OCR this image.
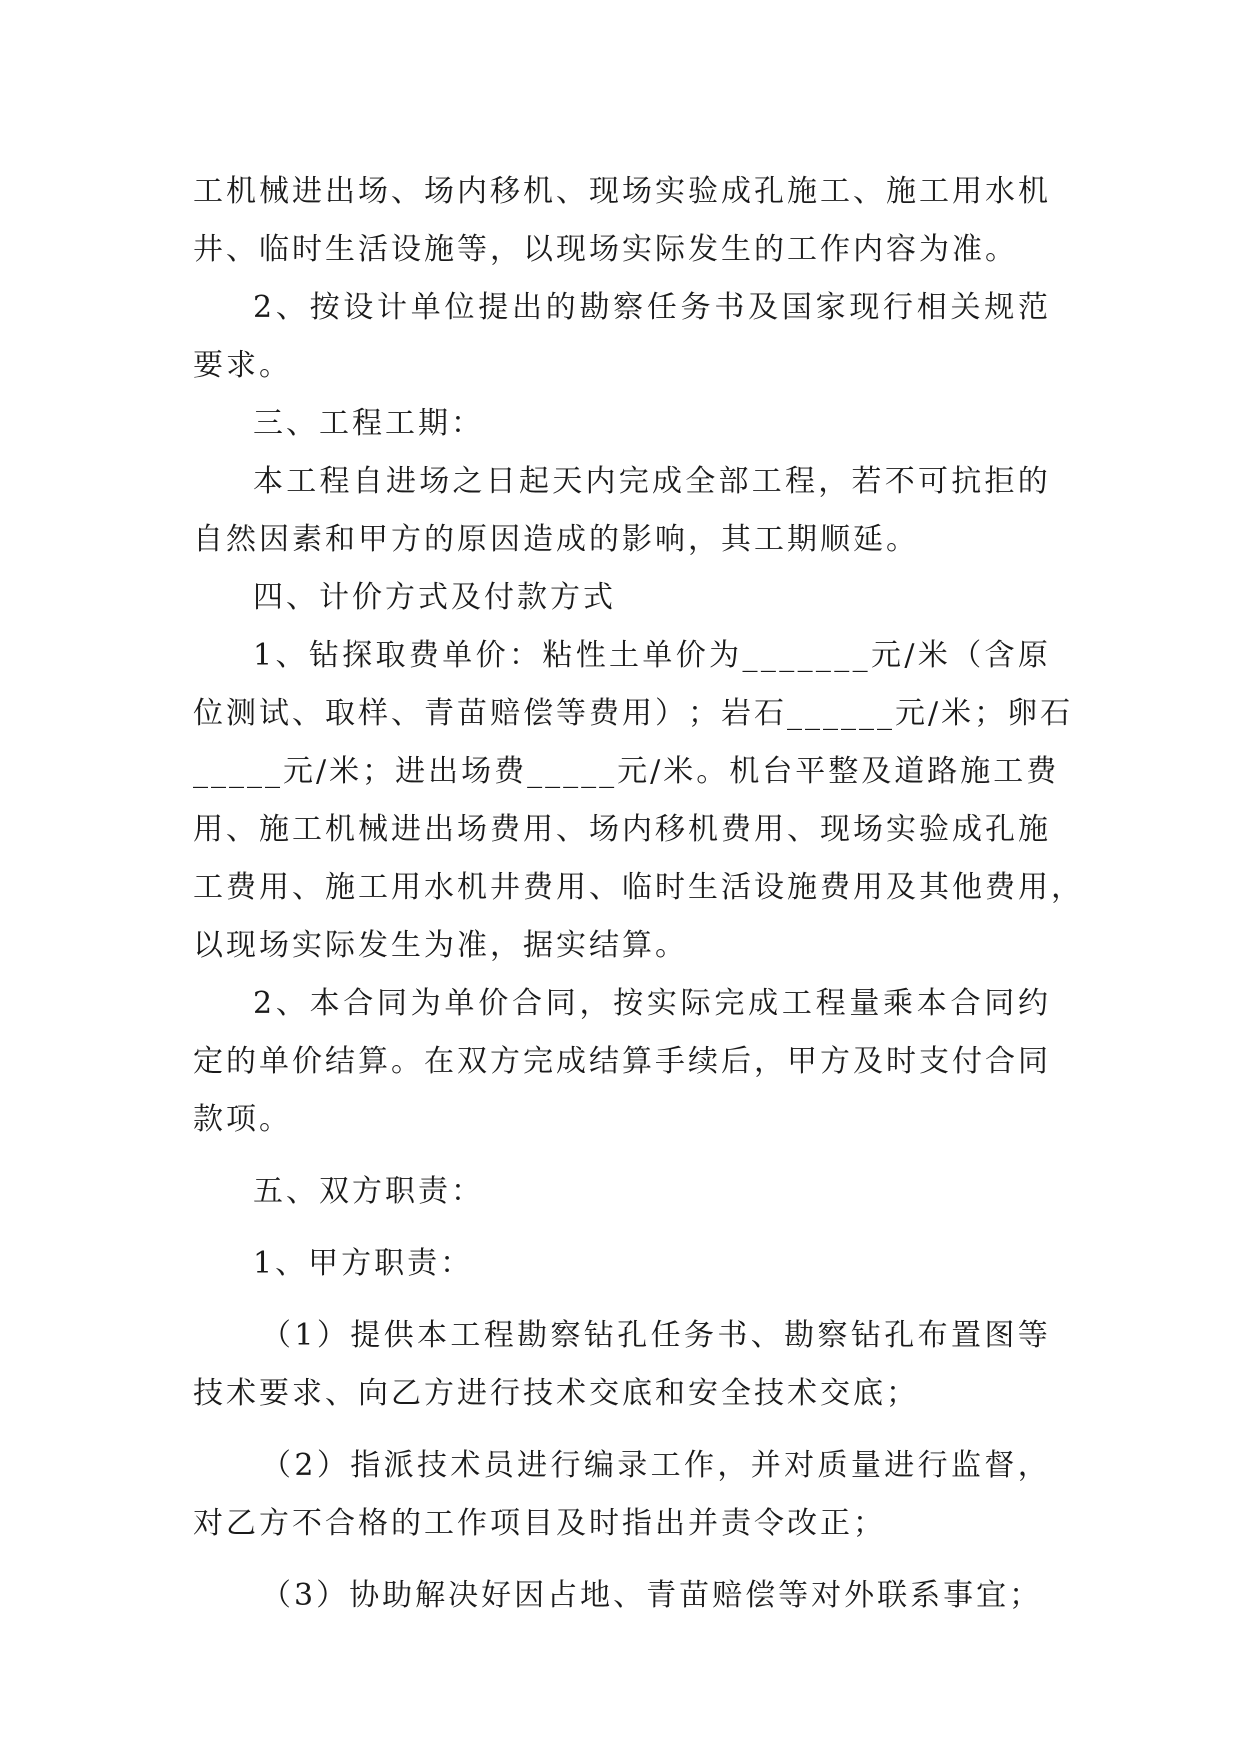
工 机 械 进 出 场 、 场 内 移 机 、 现 场 实 验 成 孔 施 工 、 施 工 用 水 机
井、临时生活设施等，以现场实际发生的工作内容为准。
2 、 按 设 计 单 位 提 出 的 勘 察 任 务 书 及 国 家 现 行 相 关 规 范
要求。
三、工程工期：
本 工 程 自 进 场 之 日 起 天 内 完 成 全 部 工 程 ， 若 不 可 抗 拒 的
自然因素和甲方的原因造成的影响，其工期顺延。
四、计价方式及付款方式
1 、 钻 探 取 费 单 价 ： 粘 性 土 单 价 为 _ _ _ _ _ _ _ 元 / 米 （ 含 原
位 测 试 、 取 样 、 青 苗 赔 偿 等 费 用 ） ； 岩 石 _ _ _ _ _ _ 元 / 米 ； 卵 石
_ _ _ _ _ 元 / 米 ； 进 出 场 费 _ _ _ _ _ 元 / 米 。 机 台 平 整 及 道 路 施 工 费
用 、 施 工 机 械 进 出 场 费 用 、 场 内 移 机 费 用 、 现 场 实 验 成 孔 施
工 费 用 、 施 工 用 水 机 井 费 用 、 临 时 生 活 设 施 费 用 及 其 他 费 用 ，
以现场实际发生为准，据实结算。
2 、 本 合 同 为 单 价 合 同 ， 按 实 际 完 成 工 程 量 乘 本 合 同 约
定 的 单 价 结 算 。 在 双 方 完 成 结 算 手 续 后 ， 甲 方 及 时 支 付 合 同
款项。
五、双方职责：
1、甲方职责：
（ 1 ） 提 供 本 工 程 勘 察 钻 孔 任 务 书 、 勘 察 钻 孔 布 置 图 等
技术要求、向乙方进行技术交底和安全技术交底；
（ 2 ） 指 派 技 术 员 进 行 编 录 工 作 ， 并 对 质 量 进 行 监 督 ，
对乙方不合格的工作项目及时指出并责令改正；
（3）协助解决好因占地、青苗赔偿等对外联系事宜；
